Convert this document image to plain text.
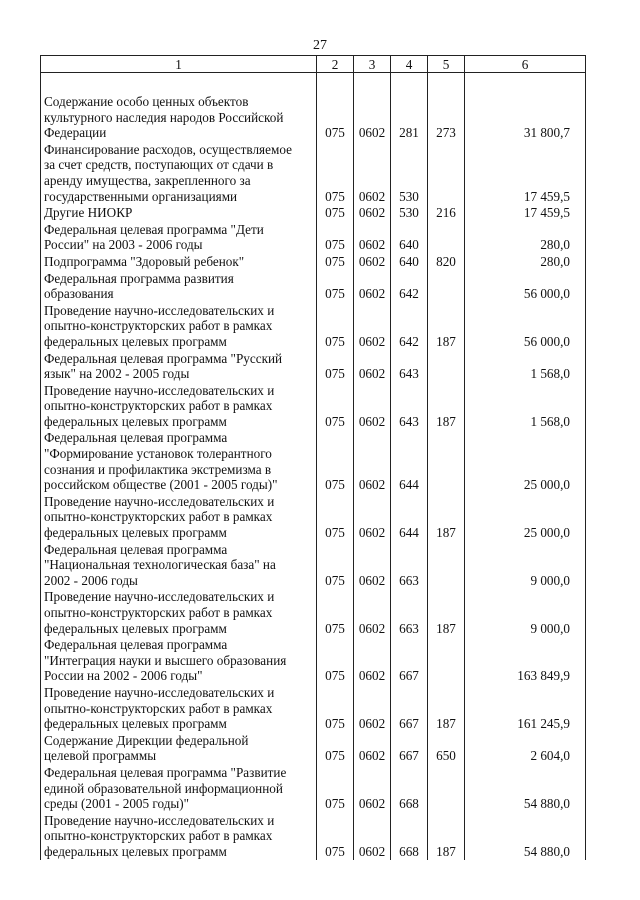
27
1	2	3	4	5	6

Содержание особо ценных объектов
культурного наследия народов Российской
Федерации	075	0602	281	273	31 800,7
Финансирование расходов, осуществляемое
за счет средств, поступающих от сдачи в
аренду имущества, закрепленного за
государственными организациями	075	0602	530		17 459,5
Другие НИОКР	075	0602	530	216	17 459,5
Федеральная целевая программа "Дети
России" на 2003 - 2006 годы	075	0602	640		280,0
Подпрограмма "Здоровый ребенок"	075	0602	640	820	280,0
Федеральная программа развития
образования	075	0602	642		56 000,0
Проведение научно-исследовательских и
опытно-конструкторских работ в рамках
федеральных целевых программ	075	0602	642	187	56 000,0
Федеральная целевая программа "Русский
язык" на 2002 - 2005 годы	075	0602	643		1 568,0
Проведение научно-исследовательских и
опытно-конструкторских работ в рамках
федеральных целевых программ	075	0602	643	187	1 568,0
Федеральная целевая программа
"Формирование установок толерантного
сознания и профилактика экстремизма в
российском обществе (2001 - 2005 годы)"	075	0602	644		25 000,0
Проведение научно-исследовательских и
опытно-конструкторских работ в рамках
федеральных целевых программ	075	0602	644	187	25 000,0
Федеральная целевая программа
"Национальная технологическая база" на
2002 - 2006 годы	075	0602	663		9 000,0
Проведение научно-исследовательских и
опытно-конструкторских работ в рамках
федеральных целевых программ	075	0602	663	187	9 000,0
Федеральная целевая программа
"Интеграция науки и высшего образования
России на 2002 - 2006 годы"	075	0602	667		163 849,9
Проведение научно-исследовательских и
опытно-конструкторских работ в рамках
федеральных целевых программ	075	0602	667	187	161 245,9
Содержание Дирекции федеральной
целевой программы	075	0602	667	650	2 604,0
Федеральная целевая программа "Развитие
единой образовательной информационной
среды (2001 - 2005 годы)"	075	0602	668		54 880,0
Проведение научно-исследовательских и
опытно-конструкторских работ в рамках
федеральных целевых программ	075	0602	668	187	54 880,0
